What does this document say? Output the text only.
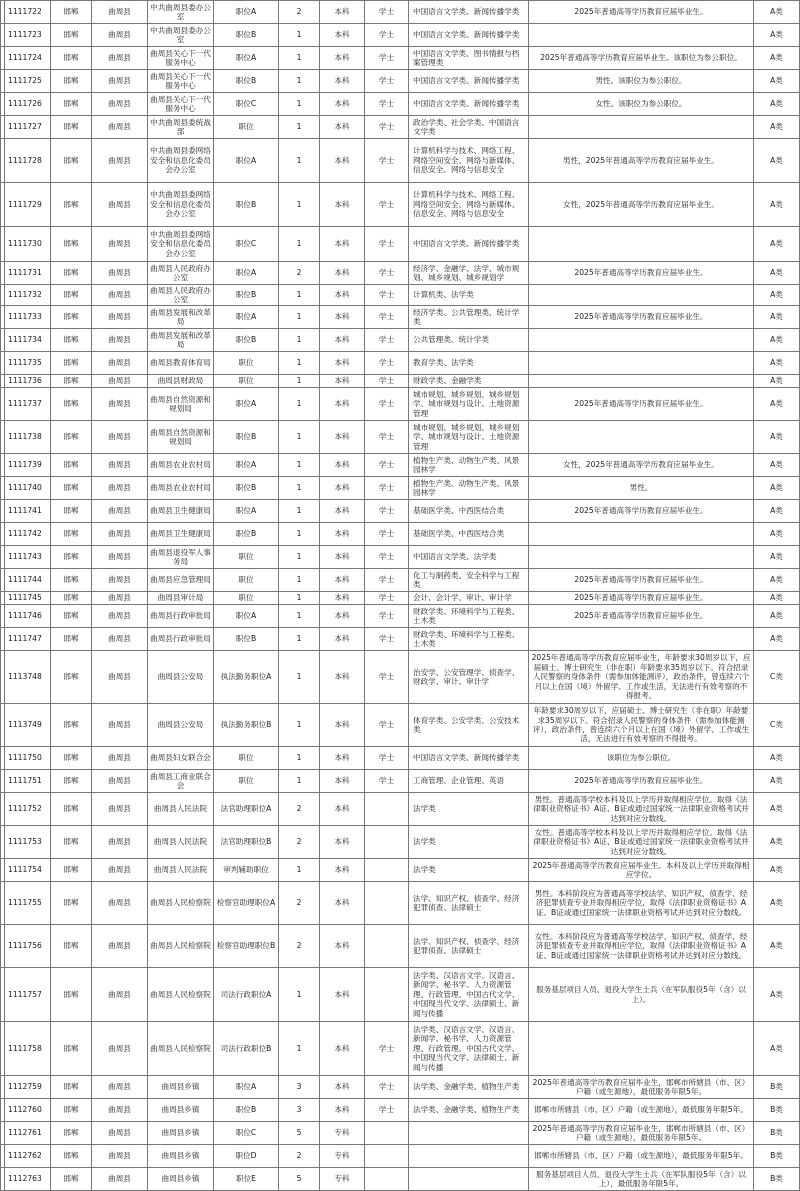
	1111722	邯郸	曲周县	中共曲周县委办公室	职位A	2	本科	学士	中国语言文学类、新闻传播学类	2025年普通高等学历教育应届毕业生。	A类
	1111723	邯郸	曲周县	中共曲周县委办公室	职位B	1	本科	学士	中国语言文学类、新闻传播学类		A类
	1111724	邯郸	曲周县	曲周县关心下一代服务中心	职位A	1	本科	学士	中国语言文学类、图书情报与档案管理类	2025年普通高等学历教育应届毕业生。该职位为参公职位。	A类
	1111725	邯郸	曲周县	曲周县关心下一代服务中心	职位B	1	本科	学士	中国语言文学类、新闻传播学类	男性。该职位为参公职位。	A类
	1111726	邯郸	曲周县	曲周县关心下一代服务中心	职位C	1	本科	学士	中国语言文学类、新闻传播学类	女性。该职位为参公职位。	A类
	1111727	邯郸	曲周县	中共曲周县委统战部	职位	1	本科	学士	政治学类、社会学类、中国语言文学类		A类
	1111728	邯郸	曲周县	中共曲周县委网络安全和信息化委员会办公室	职位A	1	本科	学士	计算机科学与技术、网络工程、网络空间安全、网络与新媒体、信息安全、网络与信息安全	男性，2025年普通高等学历教育应届毕业生。	A类
	1111729	邯郸	曲周县	中共曲周县委网络安全和信息化委员会办公室	职位B	1	本科	学士	计算机科学与技术、网络工程、网络空间安全、网络与新媒体、信息安全、网络与信息安全	女性，2025年普通高等学历教育应届毕业生。	A类
	1111730	邯郸	曲周县	中共曲周县委网络安全和信息化委员会办公室	职位C	1	本科	学士	中国语言文学类、新闻传播学类		A类
	1111731	邯郸	曲周县	曲周县人民政府办公室	职位A	2	本科	学士	经济学、金融学、法学、城市规划、城乡规划、城乡规划学	2025年普通高等学历教育应届毕业生。	A类
	1111732	邯郸	曲周县	曲周县人民政府办公室	职位B	1	本科	学士	计算机类、法学类		A类
	1111733	邯郸	曲周县	曲周县发展和改革局	职位A	1	本科	学士	经济学类、公共管理类、统计学类	2025年普通高等学历教育应届毕业生。	A类
	1111734	邯郸	曲周县	曲周县发展和改革局	职位B	1	本科	学士	公共管理类、统计学类		A类
	1111735	邯郸	曲周县	曲周县教育体育局	职位	1	本科	学士	教育学类、法学类		A类
	1111736	邯郸	曲周县	曲周县财政局	职位	1	本科	学士	财政学类、金融学类		A类
	1111737	邯郸	曲周县	曲周县自然资源和规划局	职位A	1	本科	学士	城市规划、城乡规划、城乡规划学、城市规划与设计、土地资源管理	2025年普通高等学历教育应届毕业生。	A类
	1111738	邯郸	曲周县	曲周县自然资源和规划局	职位B	1	本科	学士	城市规划、城乡规划、城乡规划学、城市规划与设计、土地资源管理		A类
	1111739	邯郸	曲周县	曲周县农业农村局	职位A	1	本科	学士	植物生产类、动物生产类、风景园林学	女性，2025年普通高等学历教育应届毕业生。	A类
	1111740	邯郸	曲周县	曲周县农业农村局	职位B	1	本科	学士	植物生产类、动物生产类、风景园林学	男性。	A类
	1111741	邯郸	曲周县	曲周县卫生健康局	职位A	1	本科	学士	基础医学类、中西医结合类	2025年普通高等学历教育应届毕业生。	A类
	1111742	邯郸	曲周县	曲周县卫生健康局	职位B	1	本科	学士	基础医学类、中西医结合类		A类
	1111743	邯郸	曲周县	曲周县退役军人事务局	职位	1	本科	学士	中国语言文学类、法学类		A类
	1111744	邯郸	曲周县	曲周县应急管理局	职位	1	本科	学士	化工与制药类、安全科学与工程类	2025年普通高等学历教育应届毕业生。	A类
	1111745	邯郸	曲周县	曲周县审计局	职位	1	本科	学士	会计、会计学、审计、审计学	2025年普通高等学历教育应届毕业生。	A类
	1111746	邯郸	曲周县	曲周县行政审批局	职位A	1	本科	学士	财政学类、环境科学与工程类、土木类	2025年普通高等学历教育应届毕业生。	A类
	1111747	邯郸	曲周县	曲周县行政审批局	职位B	1	本科	学士	财政学类、环境科学与工程类、土木类		A类
	1113748	邯郸	曲周县	曲周县公安局	执法勤务职位A	1	本科	学士	治安学、公安管理学、侦查学、财政学、审计、审计学	2025年普通高等学历教育应届毕业生，年龄要求30周岁以下，应届硕士、博士研究生（非在职）年龄要求35周岁以下。符合招录人民警察的身体条件（需参加体能测评），政治条件，曾连续六个月以上在国（境）外留学、工作或生活，无法进行有效考察的不得报考。	C类
	1113749	邯郸	曲周县	曲周县公安局	执法勤务职位B	1	本科	学士	体育学类、公安学类、公安技术类	年龄要求30周岁以下，应届硕士、博士研究生（非在职）年龄要求35周岁以下。符合招录人民警察的身体条件（需参加体能测评），政治条件，曾连续六个月以上在国（境）外留学、工作或生活，无法进行有效考察的不得报考。	C类
	1111750	邯郸	曲周县	曲周县妇女联合会	职位	1	本科	学士	中国语言文学类、新闻传播学类	该职位为参公职位。	A类
	1111751	邯郸	曲周县	曲周县工商业联合会	职位	1	本科	学士	工商管理、企业管理、英语	2025年普通高等学历教育应届毕业生。	A类
	1111752	邯郸	曲周县	曲周县人民法院	法官助理职位A	2	本科		法学类	男性。普通高等学校本科及以上学历并取得相应学位。取得《法律职业资格证书》A证、B证或通过国家统一法律职业资格考试并达到对应分数线。	A类
	1111753	邯郸	曲周县	曲周县人民法院	法官助理职位B	2	本科		法学类	女性。普通高等学校本科及以上学历并取得相应学位。取得《法律职业资格证书》A证、B证或通过国家统一法律职业资格考试并达到对应分数线。	A类
	1111754	邯郸	曲周县	曲周县人民法院	审判辅助职位	1	本科		法学类	2025年普通高等学历教育应届毕业生。本科及以上学历并取得相应学位。	A类
	1111755	邯郸	曲周县	曲周县人民检察院	检察官助理职位A	2	本科		法学、知识产权、侦查学、经济犯罪侦查、法律硕士	男性。本科阶段应为普通高等学校法学、知识产权、侦查学、经济犯罪侦查专业并取得相应学位，取得《法律职业资格证书》A证、B证或通过国家统一法律职业资格考试并达到对应分数线。	A类
	1111756	邯郸	曲周县	曲周县人民检察院	检察官助理职位B	2	本科		法学、知识产权、侦查学、经济犯罪侦查、法律硕士	女性。本科阶段应为普通高等学校法学、知识产权、侦查学、经济犯罪侦查专业并取得相应学位，取得《法律职业资格证书》A证、B证或通过国家统一法律职业资格考试并达到对应分数线。	A类
	1111757	邯郸	曲周县	曲周县人民检察院	司法行政职位A	1	本科		法学类、汉语言文学、汉语言、新闻学、秘书学、人力资源管理、行政管理、中国古代文学、中国现当代文学、法律硕士、新闻与传播	服务基层项目人员、退役大学生士兵（在军队服役5年（含）以上）。	A类
	1111758	邯郸	曲周县	曲周县人民检察院	司法行政职位B	1	本科	学士	法学类、汉语言文学、汉语言、新闻学、秘书学、人力资源管理、行政管理、中国古代文学、中国现当代文学、法律硕士、新闻与传播		A类
	1112759	邯郸	曲周县	曲周县乡镇	职位A	3	本科	学士	法学类、金融学类、植物生产类	2025年普通高等学历教育应届毕业生，邯郸市所辖县（市、区）户籍（或生源地），最低服务年限5年。	B类
	1112760	邯郸	曲周县	曲周县乡镇	职位B	3	本科	学士	法学类、金融学类、植物生产类	邯郸市所辖县（市、区）户籍（或生源地），最低服务年限5年。	B类
	1112761	邯郸	曲周县	曲周县乡镇	职位C	5	专科			2025年普通高等学历教育应届毕业生，邯郸市所辖县（市、区）户籍（或生源地），最低服务年限5年。	B类
	1112762	邯郸	曲周县	曲周县乡镇	职位D	2	专科			邯郸市所辖县（市、区）户籍（或生源地），最低服务年限5年。	B类
	1112763	邯郸	曲周县	曲周县乡镇	职位E	5	专科			服务基层项目人员、退役大学生士兵（在军队服役5年（含）以上），最低服务年限5年。	B类
